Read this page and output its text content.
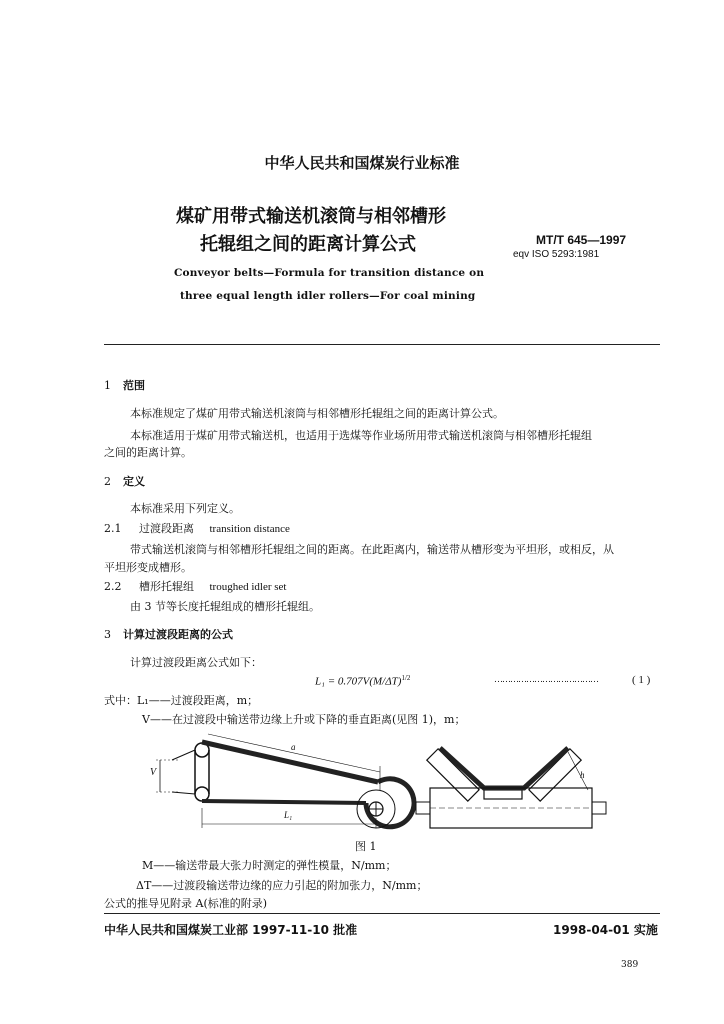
中华人民共和国煤炭行业标准
煤矿用带式输送机滚筒与相邻槽形
托辊组之间的距离计算公式	MT/T 645—1997
eqv ISO 5293:1981
Conveyor belts—Formula for transition distance on
three equal length idler rollers—For coal mining
1 范围
本标准规定了煤矿用带式输送机滚筒与相邻槽形托辊组之间的距离计算公式。
本标准适用于煤矿用带式输送机，也适用于选煤等作业场所用带式输送机滚筒与相邻槽形托辊组
之间的距离计算。
2 定义
本标准采用下列定义。
2.1 过渡段距离 transition distance
带式输送机滚筒与相邻槽形托辊组之间的距离。在此距离内，输送带从槽形变为平坦形，或相反，从
平坦形变成槽形。
2.2 槽形托辊组 troughed idler set
由 3 节等长度托辊组成的槽形托辊组。
3 计算过渡段距离的公式
计算过渡段距离公式如下：
$L_1 = 0.707V(M/\Delta T)^{1/2}$	…………………………………	( 1 )
式中：L₁——过渡段距离，m；
V——在过渡段中输送带边缘上升或下降的垂直距离(见图 1)，m；
a
V
L₁
h
图 1
M——输送带最大张力时测定的弹性模量，N/mm；
ΔT——过渡段输送带边缘的应力引起的附加张力，N/mm；
公式的推导见附录 A(标准的附录)
中华人民共和国煤炭工业部 1997-11-10 批准	1998-04-01 实施
389
